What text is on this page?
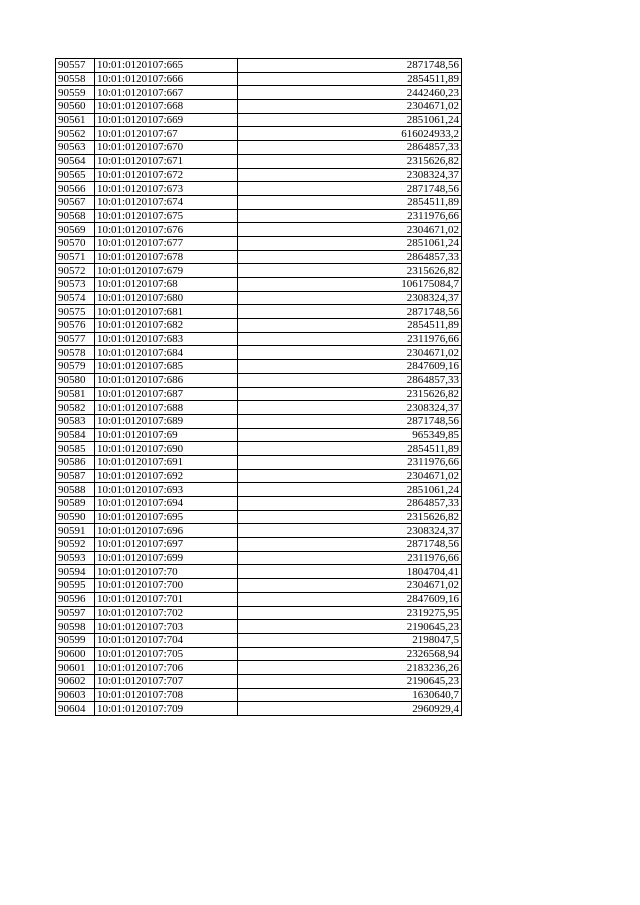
90557	10:01:0120107:665	2871748,56
90558	10:01:0120107:666	2854511,89
90559	10:01:0120107:667	2442460,23
90560	10:01:0120107:668	2304671,02
90561	10:01:0120107:669	2851061,24
90562	10:01:0120107:67	616024933,2
90563	10:01:0120107:670	2864857,33
90564	10:01:0120107:671	2315626,82
90565	10:01:0120107:672	2308324,37
90566	10:01:0120107:673	2871748,56
90567	10:01:0120107:674	2854511,89
90568	10:01:0120107:675	2311976,66
90569	10:01:0120107:676	2304671,02
90570	10:01:0120107:677	2851061,24
90571	10:01:0120107:678	2864857,33
90572	10:01:0120107:679	2315626,82
90573	10:01:0120107:68	106175084,7
90574	10:01:0120107:680	2308324,37
90575	10:01:0120107:681	2871748,56
90576	10:01:0120107:682	2854511,89
90577	10:01:0120107:683	2311976,66
90578	10:01:0120107:684	2304671,02
90579	10:01:0120107:685	2847609,16
90580	10:01:0120107:686	2864857,33
90581	10:01:0120107:687	2315626,82
90582	10:01:0120107:688	2308324,37
90583	10:01:0120107:689	2871748,56
90584	10:01:0120107:69	965349,85
90585	10:01:0120107:690	2854511,89
90586	10:01:0120107:691	2311976,66
90587	10:01:0120107:692	2304671,02
90588	10:01:0120107:693	2851061,24
90589	10:01:0120107:694	2864857,33
90590	10:01:0120107:695	2315626,82
90591	10:01:0120107:696	2308324,37
90592	10:01:0120107:697	2871748,56
90593	10:01:0120107:699	2311976,66
90594	10:01:0120107:70	1804704,41
90595	10:01:0120107:700	2304671,02
90596	10:01:0120107:701	2847609,16
90597	10:01:0120107:702	2319275,95
90598	10:01:0120107:703	2190645,23
90599	10:01:0120107:704	2198047,5
90600	10:01:0120107:705	2326568,94
90601	10:01:0120107:706	2183236,26
90602	10:01:0120107:707	2190645,23
90603	10:01:0120107:708	1630640,7
90604	10:01:0120107:709	2960929,4
